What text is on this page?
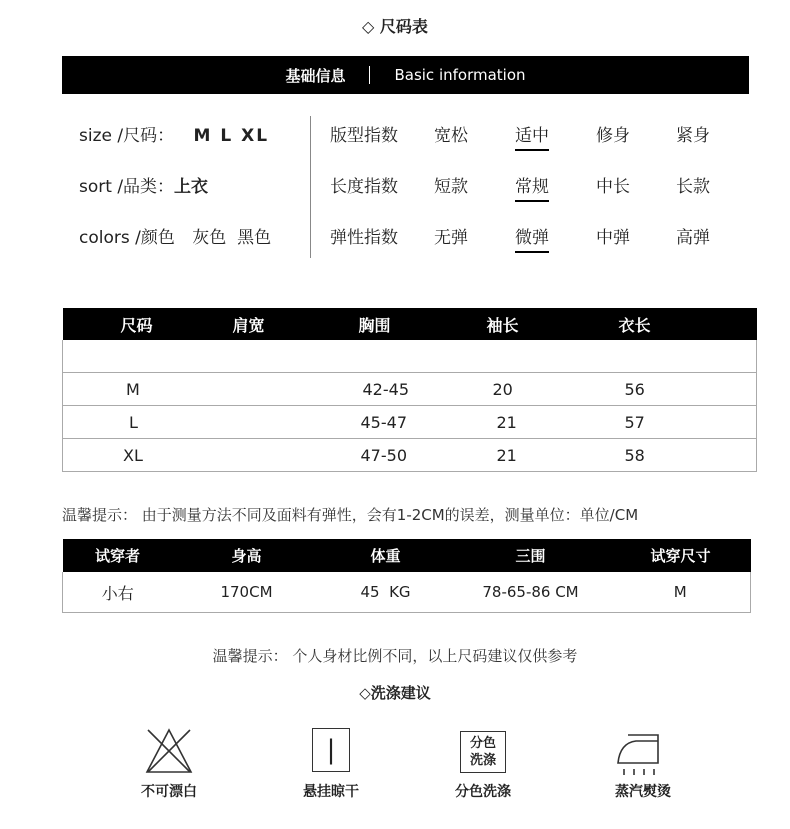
◇ 尺码表
基础信息	Basic information
size /尺码： M L XL
sort /品类：上衣
colors /颜色 灰色  黑色
版型指数 宽松	适中	修身	紧身
长度指数 短款	常规	中长	长款
弹性指数 无弹	微弹	中弹	高弹
尺码	肩宽	胸围	袖长	衣长

M		42-45	20	56
L		45-47	21	57
XL		47-50	21	58
温馨提示： 由于测量方法不同及面料有弹性，会有1-2CM的误差，测量单位：单位/CM
试穿者	身高	体重	三围	试穿尺寸
小右	170CM	45  KG	78-65-86 CM	M
温馨提示： 个人身材比例不同，以上尺码建议仅供参考
◇洗涤建议
不可漂白
|
悬挂晾干
分色
洗涤
分色洗涤	蒸汽熨烫
